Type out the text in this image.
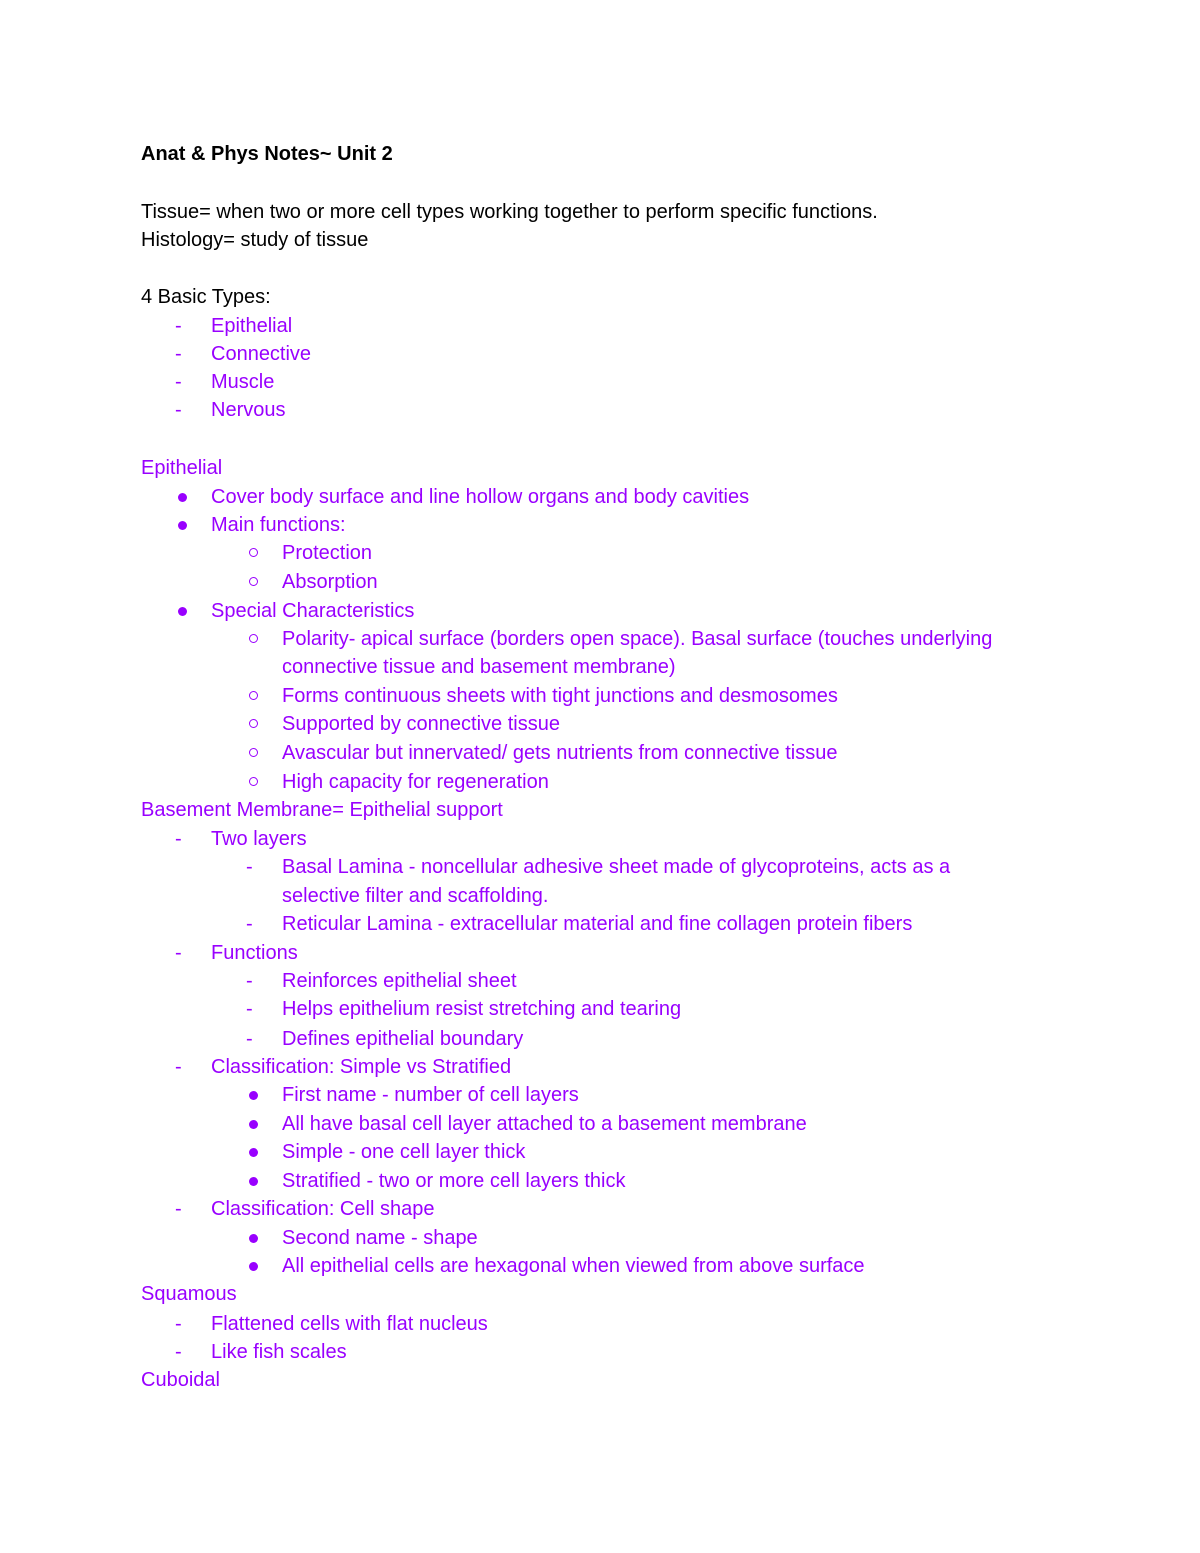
Anat & Phys Notes~ Unit 2
Tissue= when two or more cell types working together to perform specific functions.
Histology= study of tissue
4 Basic Types:
- Epithelial
- Connective
- Muscle
- Nervous
Epithelial
Cover body surface and line hollow organs and body cavities
Main functions:
Protection
Absorption
Special Characteristics
Polarity- apical surface (borders open space). Basal surface (touches underlying
connective tissue and basement membrane)
Forms continuous sheets with tight junctions and desmosomes
Supported by connective tissue
Avascular but innervated/ gets nutrients from connective tissue
High capacity for regeneration
Basement Membrane= Epithelial support
- Two layers
- Basal Lamina - noncellular adhesive sheet made of glycoproteins, acts as a
selective filter and scaffolding.
- Reticular Lamina - extracellular material and fine collagen protein fibers
- Functions
- Reinforces epithelial sheet
- Helps epithelium resist stretching and tearing
- Defines epithelial boundary
- Classification: Simple vs Stratified
First name - number of cell layers
All have basal cell layer attached to a basement membrane
Simple - one cell layer thick
Stratified - two or more cell layers thick
- Classification: Cell shape
Second name - shape
All epithelial cells are hexagonal when viewed from above surface
Squamous
- Flattened cells with flat nucleus
- Like fish scales
Cuboidal
